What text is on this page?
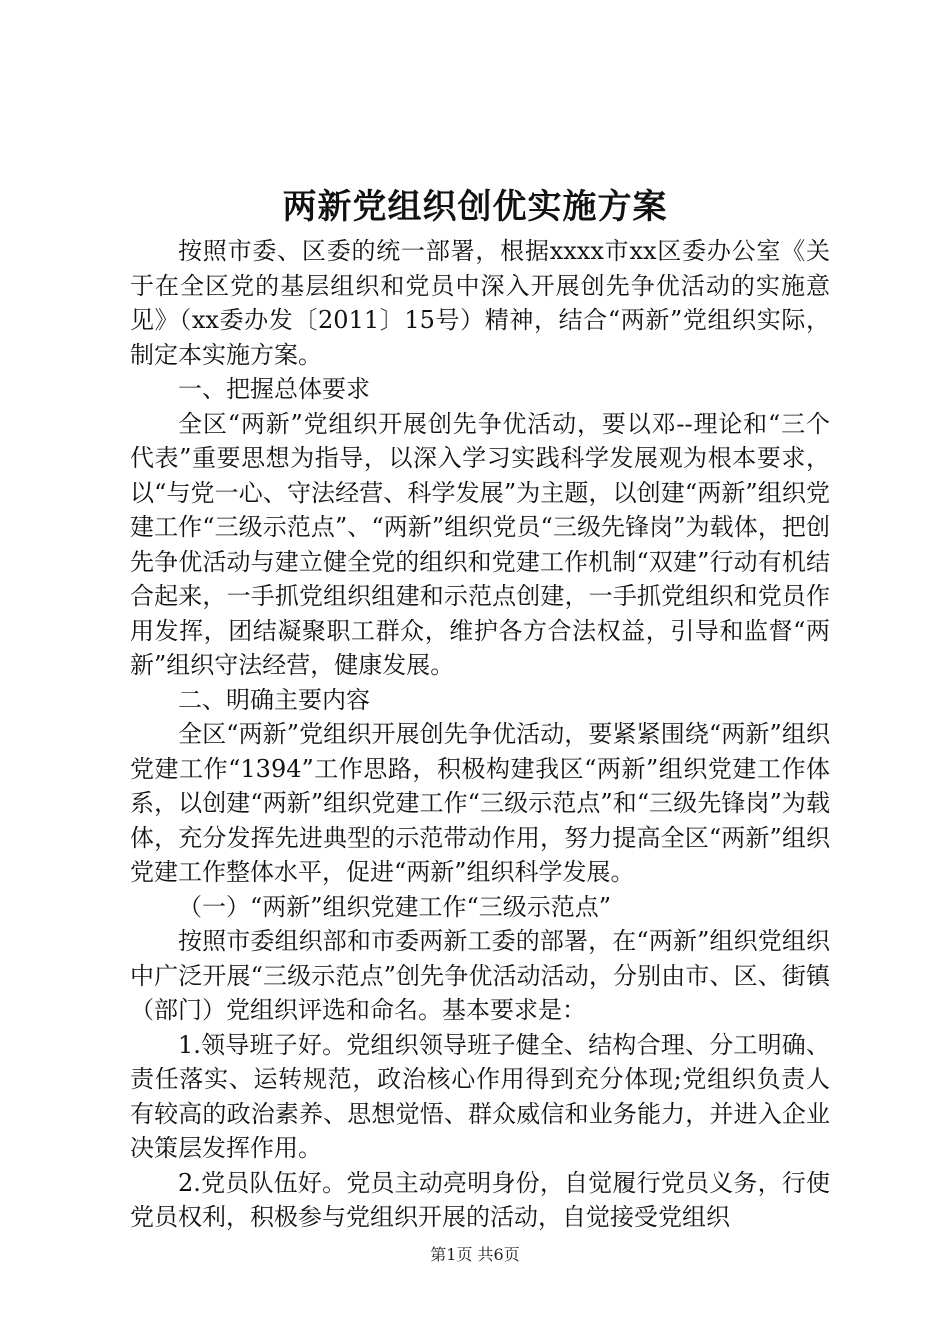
两新党组织创优实施方案

按照市委、区委的统一部署，根据xxxx市xx区委办公室《关于在全区党的基层组织和党员中深入开展创先争优活动的实施意见》（xx委办发〔2011〕15号）精神，结合“两新”党组织实际，制定本实施方案。

一、把握总体要求

全区“两新”党组织开展创先争优活动，要以邓--理论和“三个代表”重要思想为指导，以深入学习实践科学发展观为根本要求，以“与党一心、守法经营、科学发展”为主题，以创建“两新”组织党建工作“三级示范点”、“两新”组织党员“三级先锋岗”为载体，把创先争优活动与建立健全党的组织和党建工作机制“双建”行动有机结合起来，一手抓党组织组建和示范点创建，一手抓党组织和党员作用发挥，团结凝聚职工群众，维护各方合法权益，引导和监督“两新”组织守法经营，健康发展。

二、明确主要内容

全区“两新”党组织开展创先争优活动，要紧紧围绕“两新”组织党建工作“1394”工作思路，积极构建我区“两新”组织党建工作体系，以创建“两新”组织党建工作“三级示范点”和“三级先锋岗”为载体，充分发挥先进典型的示范带动作用，努力提高全区“两新”组织党建工作整体水平，促进“两新”组织科学发展。

（一）“两新”组织党建工作“三级示范点”

按照市委组织部和市委两新工委的部署，在“两新”组织党组织中广泛开展“三级示范点”创先争优活动活动，分别由市、区、街镇（部门）党组织评选和命名。基本要求是：

1.领导班子好。党组织领导班子健全、结构合理、分工明确、责任落实、运转规范，政治核心作用得到充分体现;党组织负责人有较高的政治素养、思想觉悟、群众威信和业务能力，并进入企业决策层发挥作用。

2.党员队伍好。党员主动亮明身份，自觉履行党员义务，行使党员权利，积极参与党组织开展的活动，自觉接受党组织

第1页 共6页
